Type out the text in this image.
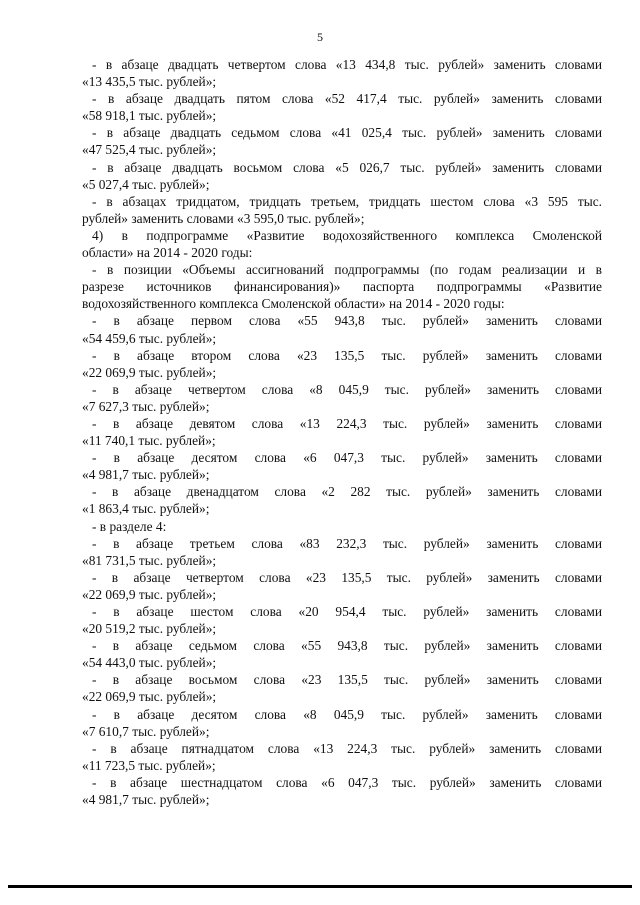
5
- в абзаце двадцать четвертом слова «13 434,8 тыс. рублей» заменить словами
«13 435,5 тыс. рублей»;
- в абзаце двадцать пятом слова «52 417,4 тыс. рублей» заменить словами
«58 918,1 тыс. рублей»;
- в абзаце двадцать седьмом слова «41 025,4 тыс. рублей» заменить словами
«47 525,4 тыс. рублей»;
- в абзаце двадцать восьмом слова «5 026,7 тыс. рублей» заменить словами
«5 027,4 тыс. рублей»;
- в абзацах тридцатом, тридцать третьем, тридцать шестом слова «3 595 тыс.
рублей» заменить словами «3 595,0 тыс. рублей»;
4) в подпрограмме «Развитие водохозяйственного комплекса Смоленской
области» на 2014 - 2020 годы:
- в позиции «Объемы ассигнований подпрограммы (по годам реализации и в
разрезе источников финансирования)» паспорта подпрограммы «Развитие
водохозяйственного комплекса Смоленской области» на 2014 - 2020 годы:
- в абзаце первом слова «55 943,8 тыс. рублей» заменить словами
«54 459,6 тыс. рублей»;
- в абзаце втором слова «23 135,5 тыс. рублей» заменить словами
«22 069,9 тыс. рублей»;
- в абзаце четвертом слова «8 045,9 тыс. рублей» заменить словами
«7 627,3 тыс. рублей»;
- в абзаце девятом слова «13 224,3 тыс. рублей» заменить словами
«11 740,1 тыс. рублей»;
- в абзаце десятом слова «6 047,3 тыс. рублей» заменить словами
«4 981,7 тыс. рублей»;
- в абзаце двенадцатом слова «2 282 тыс. рублей» заменить словами
«1 863,4 тыс. рублей»;
- в разделе 4:
- в абзаце третьем слова «83 232,3 тыс. рублей» заменить словами
«81 731,5 тыс. рублей»;
- в абзаце четвертом слова «23 135,5 тыс. рублей» заменить словами
«22 069,9 тыс. рублей»;
- в абзаце шестом слова «20 954,4 тыс. рублей» заменить словами
«20 519,2 тыс. рублей»;
- в абзаце седьмом слова «55 943,8 тыс. рублей» заменить словами
«54 443,0 тыс. рублей»;
- в абзаце восьмом слова «23 135,5 тыс. рублей» заменить словами
«22 069,9 тыс. рублей»;
- в абзаце десятом слова «8 045,9 тыс. рублей» заменить словами
«7 610,7 тыс. рублей»;
- в абзаце пятнадцатом слова «13 224,3 тыс. рублей» заменить словами
«11 723,5 тыс. рублей»;
- в абзаце шестнадцатом слова «6 047,3 тыс. рублей» заменить словами
«4 981,7 тыс. рублей»;
